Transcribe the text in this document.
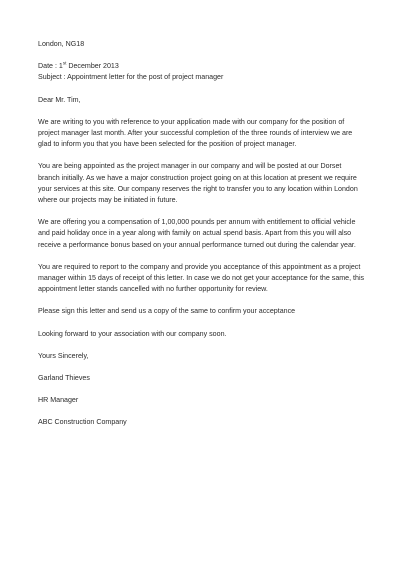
London, NG18
Date : 1st December 2013
Subject : Appointment letter for the post of project manager
Dear Mr. Tim,
We are writing to you with reference to your application made with our company for the position of
project manager last month. After your successful completion of the three rounds of interview we are
glad to inform you that you have been selected for the position of project manager.
You are being appointed as the project manager in our company and will be posted at our Dorset
branch initially. As we have a major construction project going on at this location at present we require
your services at this site. Our company reserves the right to transfer you to any location within London
where our projects may be initiated in future.
We are offering you a compensation of 1,00,000 pounds per annum with entitlement to official vehicle
and paid holiday once in a year along with family on actual spend basis. Apart from this you will also
receive a performance bonus based on your annual performance turned out during the calendar year.
You are required to report to the company and provide you acceptance of this appointment as a project
manager within 15 days of receipt of this letter. In case we do not get your acceptance for the same, this
appointment letter stands cancelled with no further opportunity for review.
Please sign this letter and send us a copy of the same to confirm your acceptance
Looking forward to your association with our company soon.
Yours Sincerely,
Garland Thieves
HR Manager
ABC Construction Company
